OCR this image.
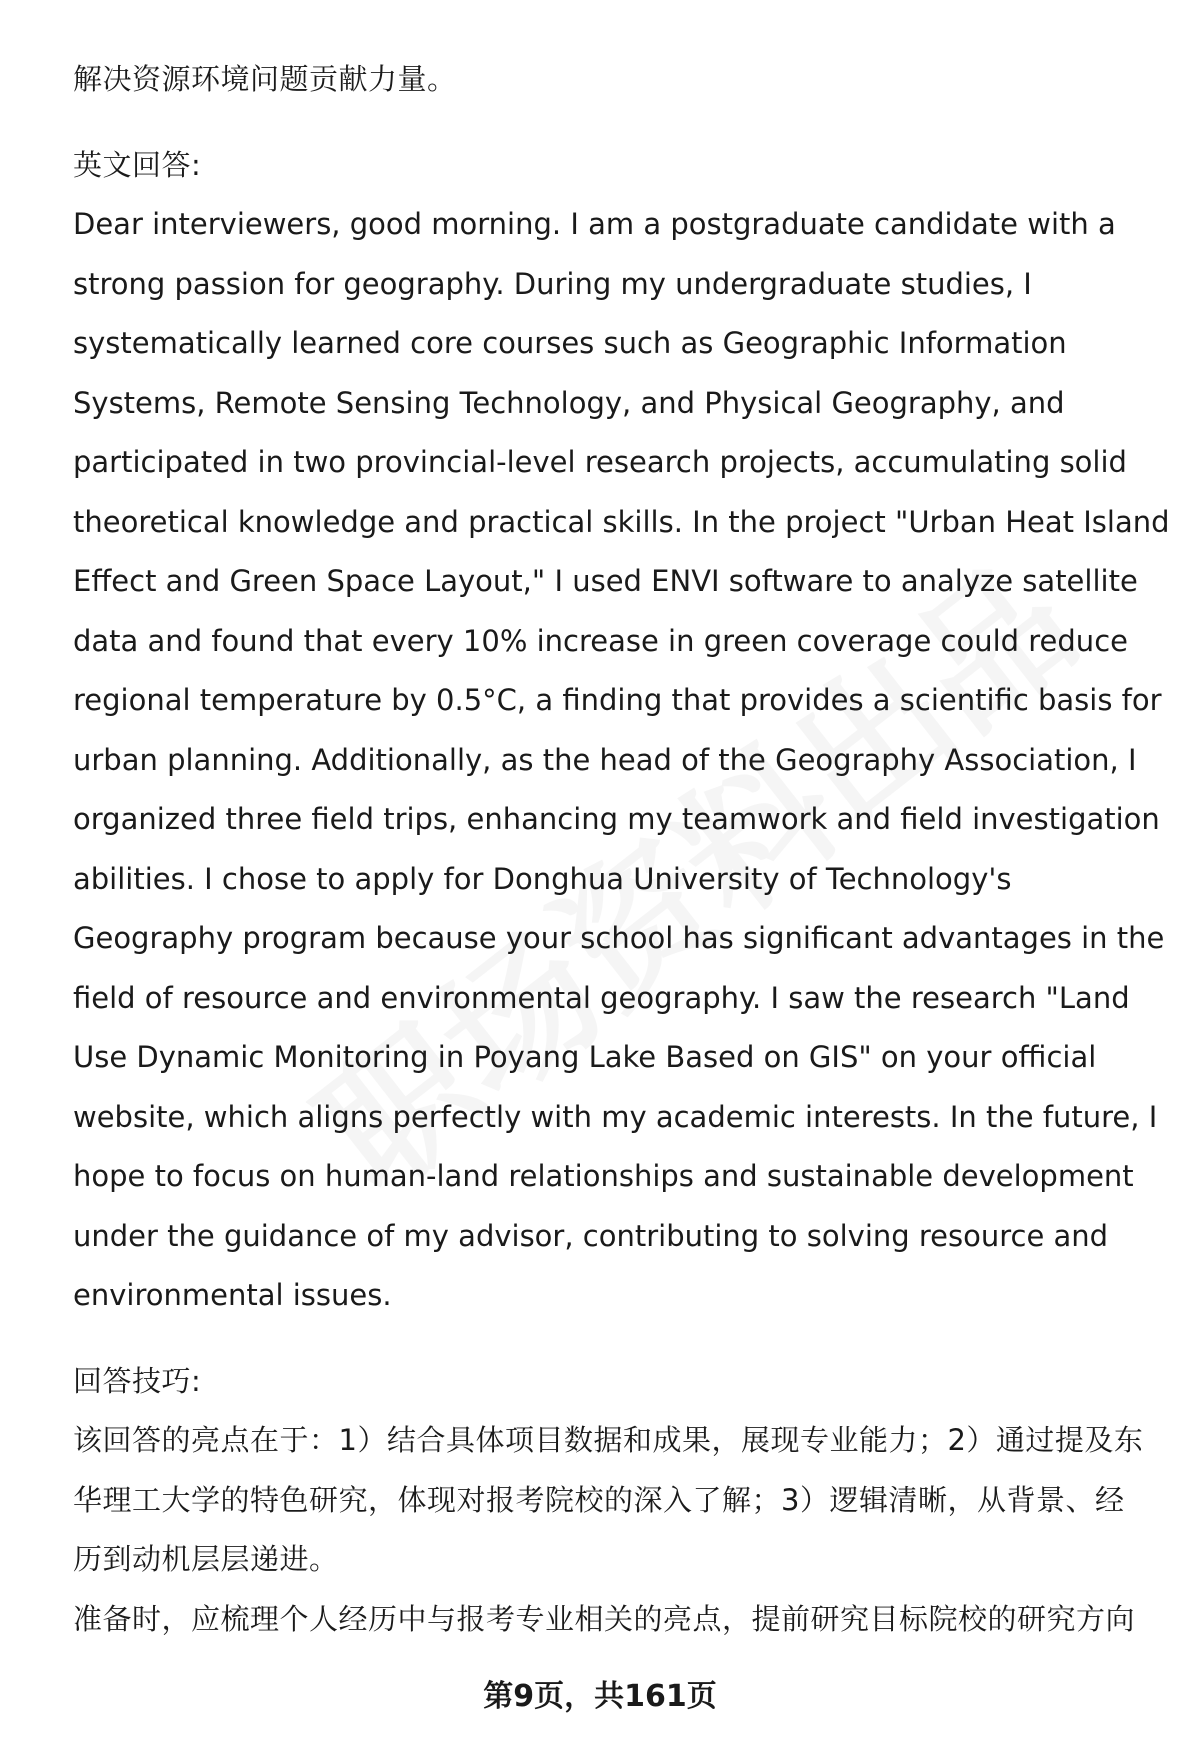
解决资源环境问题贡献力量。
英文回答:
Dear interviewers, good morning. I am a postgraduate candidate with a
strong passion for geography. During my undergraduate studies, I
systematically learned core courses such as Geographic Information
Systems, Remote Sensing Technology, and Physical Geography, and
participated in two provincial-level research projects, accumulating solid
theoretical knowledge and practical skills. In the project "Urban Heat Island
Effect and Green Space Layout," I used ENVI software to analyze satellite
data and found that every 10% increase in green coverage could reduce
regional temperature by 0.5°C, a finding that provides a scientific basis for
urban planning. Additionally, as the head of the Geography Association, I
organized three field trips, enhancing my teamwork and field investigation
abilities. I chose to apply for Donghua University of Technology's
Geography program because your school has significant advantages in the
field of resource and environmental geography. I saw the research "Land
Use Dynamic Monitoring in Poyang Lake Based on GIS" on your official
website, which aligns perfectly with my academic interests. In the future, I
hope to focus on human-land relationships and sustainable development
under the guidance of my advisor, contributing to solving resource and
environmental issues.
回答技巧:
该回答的亮点在于：1）结合具体项目数据和成果，展现专业能力；2）通过提及东
华理工大学的特色研究，体现对报考院校的深入了解；3）逻辑清晰，从背景、经
历到动机层层递进。
准备时，应梳理个人经历中与报考专业相关的亮点，提前研究目标院校的研究方向
第9页，共161页
